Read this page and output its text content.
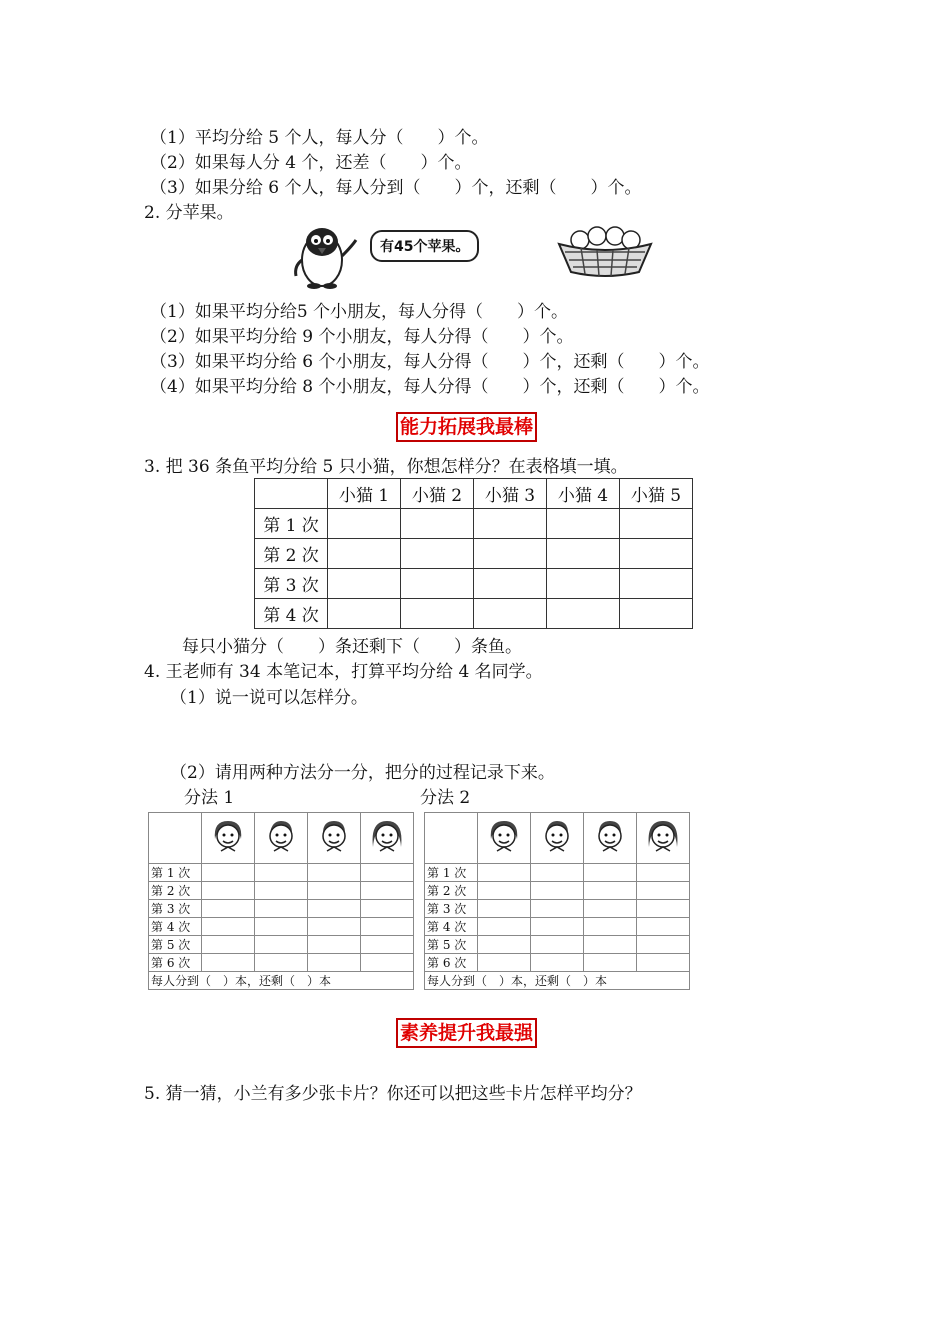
（1）平均分给 5 个人，每人分（　　）个。
（2）如果每人分 4 个，还差（　　）个。
（3）如果分给 6 个人，每人分到（　　）个，还剩（　　）个。
2. 分苹果。
有45个苹果。
（1）如果平均分给5 个小朋友，每人分得（　　）个。
（2）如果平均分给 9 个小朋友，每人分得（　　）个。
（3）如果平均分给 6 个小朋友，每人分得（　　）个，还剩（　　）个。
（4）如果平均分给 8 个小朋友，每人分得（　　）个，还剩（　　）个。
能力拓展我最棒
3. 把 36 条鱼平均分给 5 只小猫，你想怎样分？在表格填一填。
	小猫 1	小猫 2	小猫 3	小猫 4	小猫 5
第 1 次					
第 2 次					
第 3 次					
第 4 次					
每只小猫分（　　）条还剩下（　　）条鱼。
4. 王老师有 34 本笔记本，打算平均分给 4 名同学。
（1）说一说可以怎样分。
（2）请用两种方法分一分，把分的过程记录下来。
分法 1	分法 2

第 1 次				
第 2 次				
第 3 次				
第 4 次				
第 5 次				
第 6 次				
每人分到（　）本，还剩（　）本				

第 1 次				
第 2 次				
第 3 次				
第 4 次				
第 5 次				
第 6 次				
每人分到（　）本，还剩（　）本				
素养提升我最强
5. 猜一猜，小兰有多少张卡片？你还可以把这些卡片怎样平均分？
